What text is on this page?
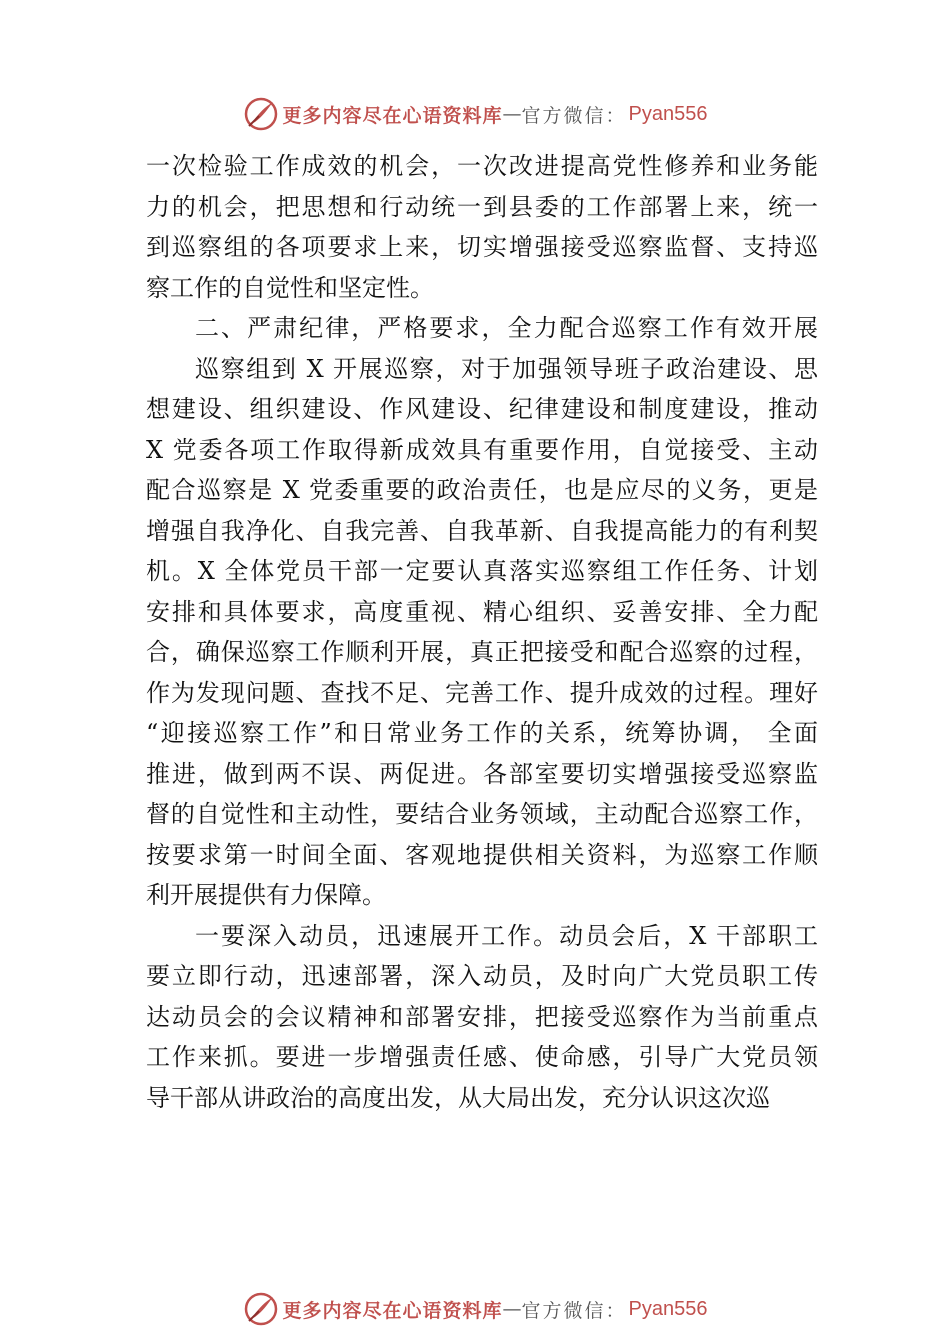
更多内容尽在心语资料库 — 官方微信： Pyan556
一次检验工作成效的机会，一次改进提高党性修养和业务能
力的机会，把思想和行动统一到县委的工作部署上来，统一
到巡察组的各项要求上来，切实增强接受巡察监督、支持巡
察工作的自觉性和坚定性。
二、严肃纪律，严格要求，全力配合巡察工作有效开展
巡察组到 X 开展巡察，对于加强领导班子政治建设、思
想建设、组织建设、作风建设、纪律建设和制度建设，推动
X 党委各项工作取得新成效具有重要作用，自觉接受、主动
配合巡察是 X 党委重要的政治责任，也是应尽的义务，更是
增强自我净化、自我完善、自我革新、自我提高能力的有利契
机。X 全体党员干部一定要认真落实巡察组工作任务、计划
安排和具体要求，高度重视、精心组织、妥善安排、全力配
合，确保巡察工作顺利开展，真正把接受和配合巡察的过程，
作为发现问题、查找不足、完善工作、提升成效的过程。理好
“迎接巡察工作”和日常业务工作的关系，统筹协调， 全面
推进，做到两不误、两促进。各部室要切实增强接受巡察监
督的自觉性和主动性，要结合业务领域，主动配合巡察工作，
按要求第一时间全面、客观地提供相关资料，为巡察工作顺
利开展提供有力保障。
一要深入动员，迅速展开工作。动员会后，X 干部职工
要立即行动，迅速部署，深入动员，及时向广大党员职工传
达动员会的会议精神和部署安排，把接受巡察作为当前重点
工作来抓。要进一步增强责任感、使命感，引导广大党员领
导干部从讲政治的高度出发，从大局出发，充分认识这次巡
更多内容尽在心语资料库 — 官方微信： Pyan556
